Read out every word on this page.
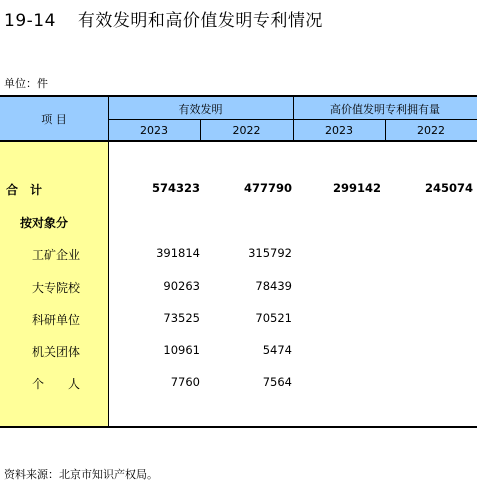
19-14 有效发明和高价值发明专利情况
单位：件
项 目
有效发明	高价值发明专利拥有量
2023	2022	2023	2022
合　计	574323	477790	299142	245074
按对象分
工矿企业	391814	315792
大专院校	90263	78439
科研单位	73525	70521
机关团体	10961	5474
个　　人	7760	7564
资料来源：北京市知识产权局。
